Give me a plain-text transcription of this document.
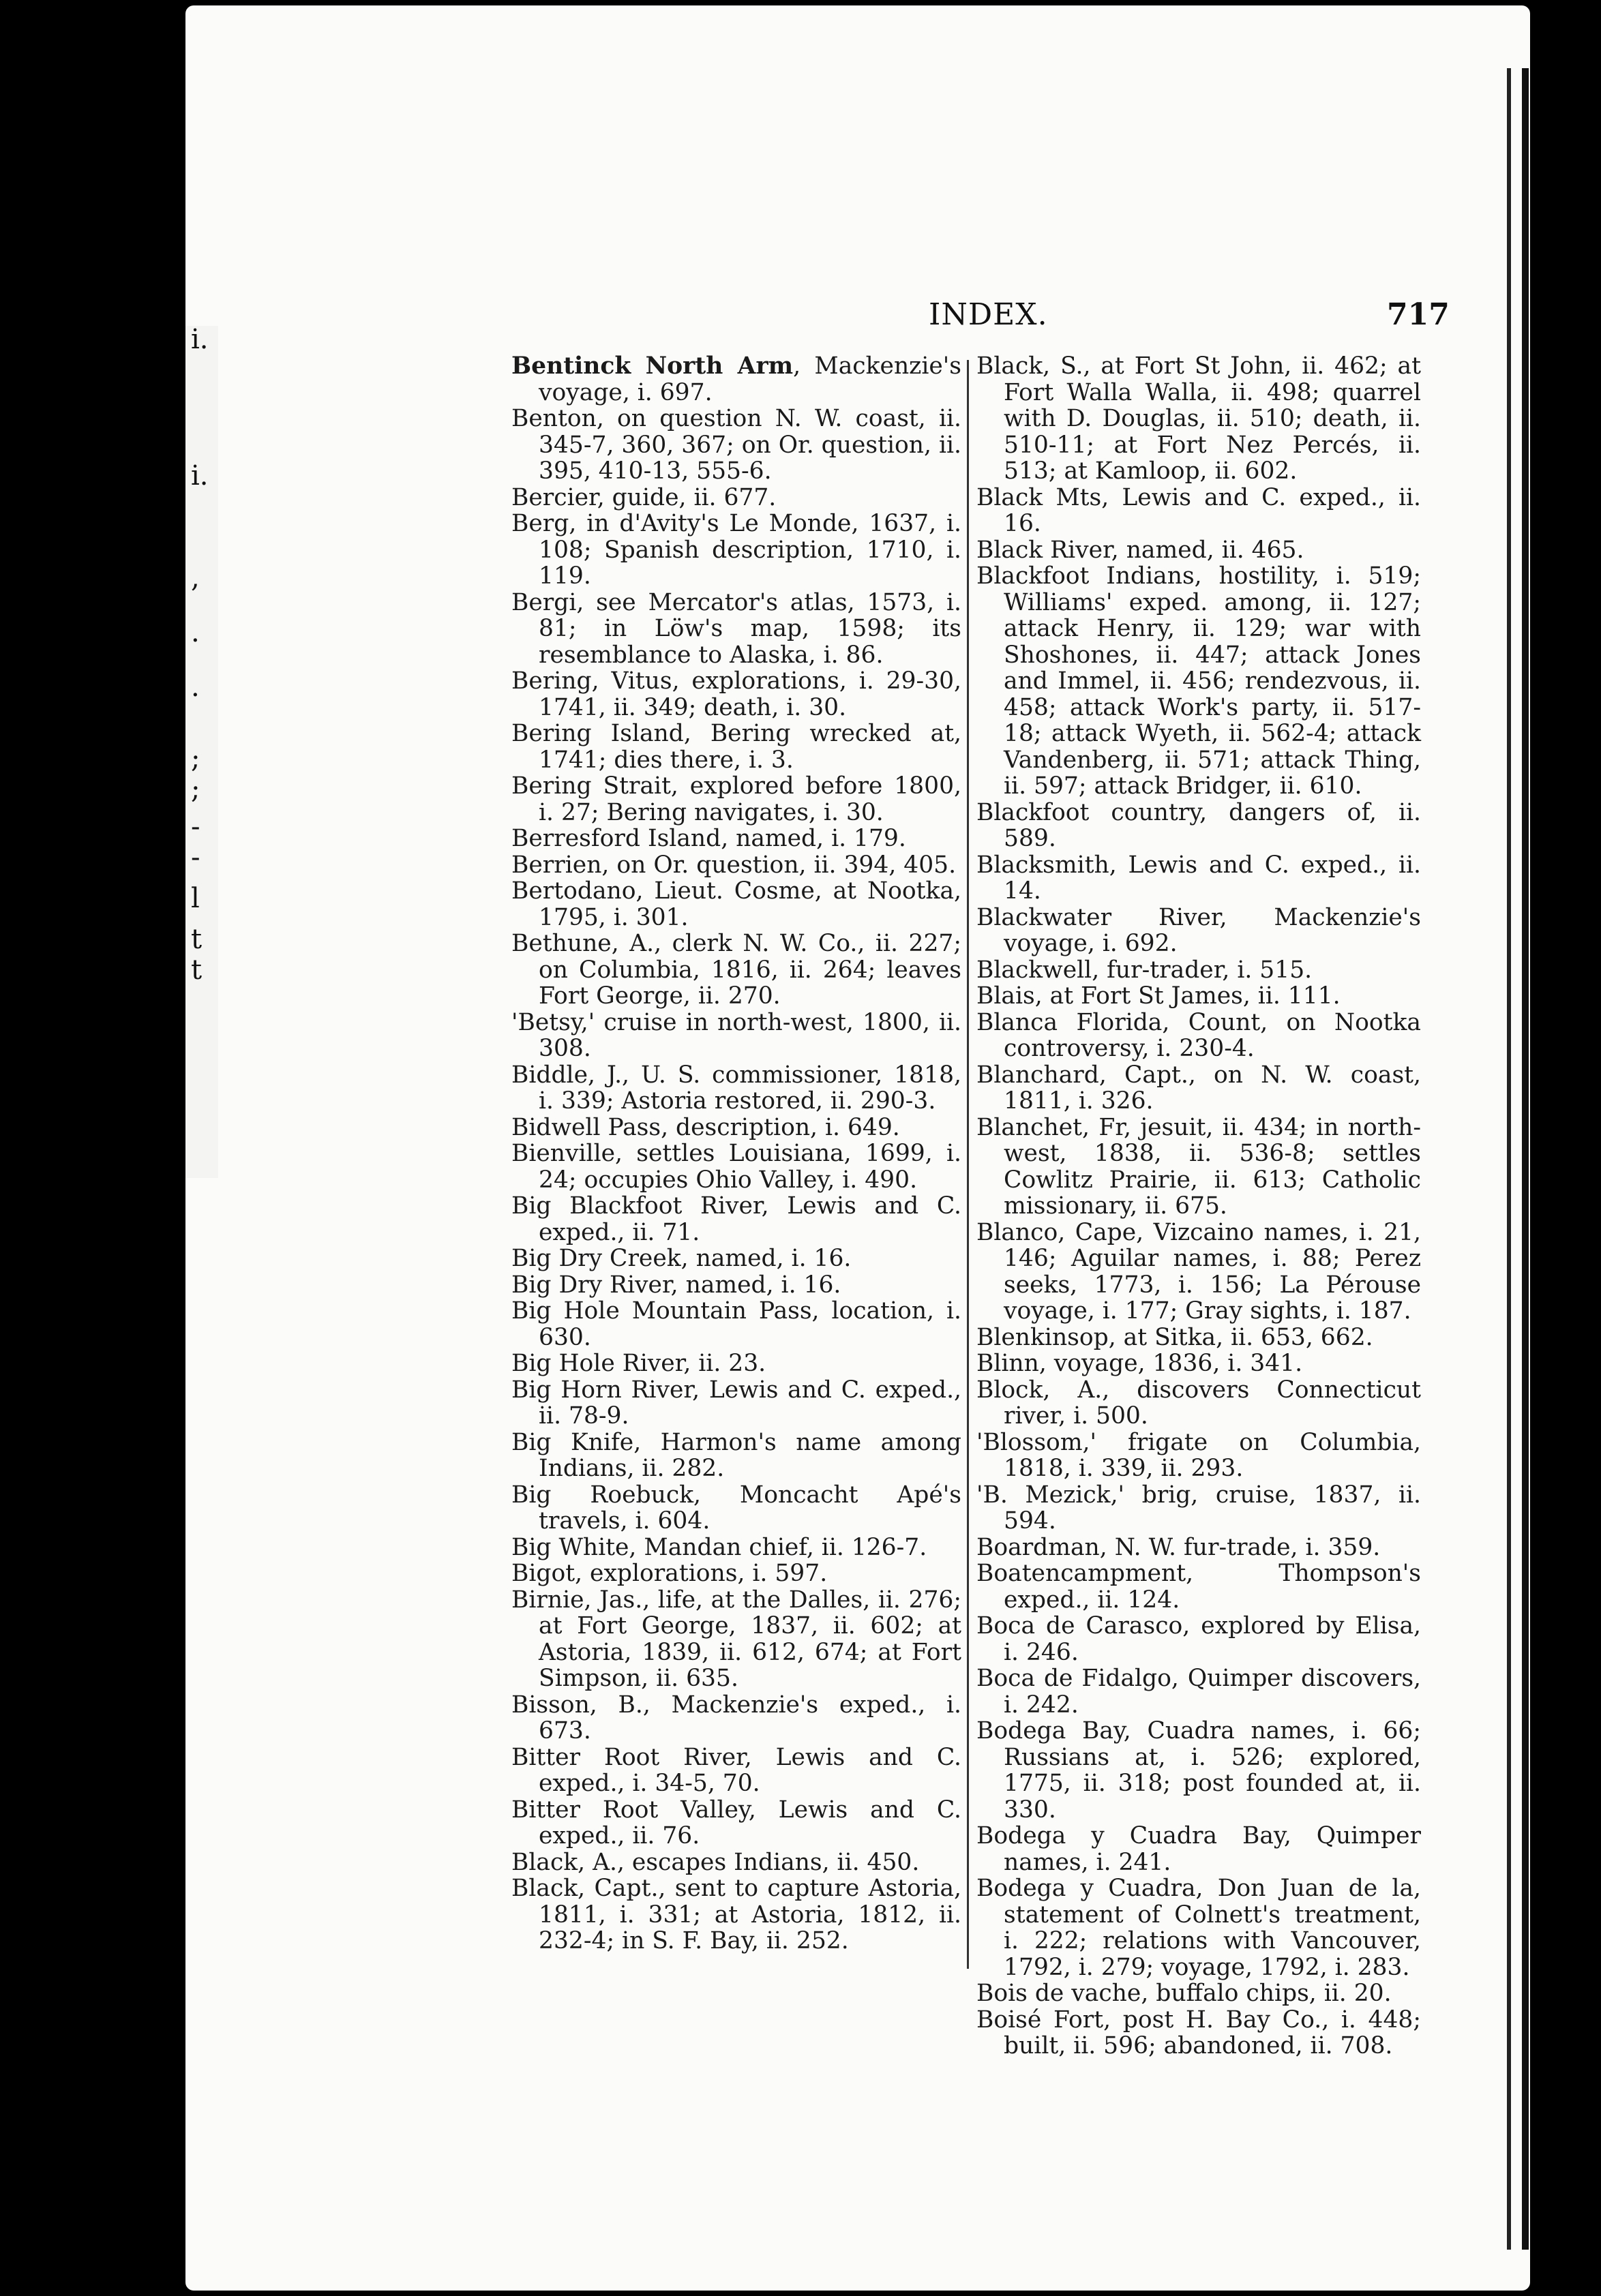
i.
i.
,
.
.
;
;
-
-
l
t
t
INDEX.	717

Bentinck North Arm, Mackenzie's voyage, i. 697.

Benton, on question N. W. coast, ii. 345-7, 360, 367; on Or. question, ii. 395, 410-13, 555-6.

Bercier, guide, ii. 677.

Berg, in d'Avity's Le Monde, 1637, i. 108; Spanish description, 1710, i. 119.

Bergi, see Mercator's atlas, 1573, i. 81; in Löw's map, 1598; its resemblance to Alaska, i. 86.

Bering, Vitus, explorations, i. 29-30, 1741, ii. 349; death, i. 30.

Bering Island, Bering wrecked at, 1741; dies there, i. 3.

Bering Strait, explored before 1800, i. 27; Bering navigates, i. 30.

Berresford Island, named, i. 179.

Berrien, on Or. question, ii. 394, 405.

Bertodano, Lieut. Cosme, at Nootka, 1795, i. 301.

Bethune, A., clerk N. W. Co., ii. 227; on Columbia, 1816, ii. 264; leaves Fort George, ii. 270.

'Betsy,' cruise in north-west, 1800, ii. 308.

Biddle, J., U. S. commissioner, 1818, i. 339; Astoria restored, ii. 290-3.

Bidwell Pass, description, i. 649.

Bienville, settles Louisiana, 1699, i. 24; occupies Ohio Valley, i. 490.

Big Blackfoot River, Lewis and C. exped., ii. 71.

Big Dry Creek, named, i. 16.

Big Dry River, named, i. 16.

Big Hole Mountain Pass, location, i. 630.

Big Hole River, ii. 23.

Big Horn River, Lewis and C. exped., ii. 78-9.

Big Knife, Harmon's name among Indians, ii. 282.

Big Roebuck, Moncacht Apé's travels, i. 604.

Big White, Mandan chief, ii. 126-7.

Bigot, explorations, i. 597.

Birnie, Jas., life, at the Dalles, ii. 276; at Fort George, 1837, ii. 602; at Astoria, 1839, ii. 612, 674; at Fort Simpson, ii. 635.

Bisson, B., Mackenzie's exped., i. 673.

Bitter Root River, Lewis and C. exped., i. 34-5, 70.

Bitter Root Valley, Lewis and C. exped., ii. 76.

Black, A., escapes Indians, ii. 450.

Black, Capt., sent to capture Astoria, 1811, i. 331; at Astoria, 1812, ii. 232-4; in S. F. Bay, ii. 252.

Black, S., at Fort St John, ii. 462; at Fort Walla Walla, ii. 498; quarrel with D. Douglas, ii. 510; death, ii. 510-11; at Fort Nez Percés, ii. 513; at Kamloop, ii. 602.

Black Mts, Lewis and C. exped., ii. 16.

Black River, named, ii. 465.

Blackfoot Indians, hostility, i. 519; Williams' exped. among, ii. 127; attack Henry, ii. 129; war with Shoshones, ii. 447; attack Jones and Immel, ii. 456; rendezvous, ii. 458; attack Work's party, ii. 517-18; attack Wyeth, ii. 562-4; attack Vandenberg, ii. 571; attack Thing, ii. 597; attack Bridger, ii. 610.

Blackfoot country, dangers of, ii. 589.

Blacksmith, Lewis and C. exped., ii. 14.

Blackwater River, Mackenzie's voyage, i. 692.

Blackwell, fur-trader, i. 515.

Blais, at Fort St James, ii. 111.

Blanca Florida, Count, on Nootka controversy, i. 230-4.

Blanchard, Capt., on N. W. coast, 1811, i. 326.

Blanchet, Fr, jesuit, ii. 434; in north-west, 1838, ii. 536-8; settles Cowlitz Prairie, ii. 613; Catholic missionary, ii. 675.

Blanco, Cape, Vizcaino names, i. 21, 146; Aguilar names, i. 88; Perez seeks, 1773, i. 156; La Pérouse voyage, i. 177; Gray sights, i. 187.

Blenkinsop, at Sitka, ii. 653, 662.

Blinn, voyage, 1836, i. 341.

Block, A., discovers Connecticut river, i. 500.

'Blossom,' frigate on Columbia, 1818, i. 339, ii. 293.

'B. Mezick,' brig, cruise, 1837, ii. 594.

Boardman, N. W. fur-trade, i. 359.

Boatencampment, Thompson's exped., ii. 124.

Boca de Carasco, explored by Elisa, i. 246.

Boca de Fidalgo, Quimper discovers, i. 242.

Bodega Bay, Cuadra names, i. 66; Russians at, i. 526; explored, 1775, ii. 318; post founded at, ii. 330.

Bodega y Cuadra Bay, Quimper names, i. 241.

Bodega y Cuadra, Don Juan de la, statement of Colnett's treatment, i. 222; relations with Vancouver, 1792, i. 279; voyage, 1792, i. 283.

Bois de vache, buffalo chips, ii. 20.

Boisé Fort, post H. Bay Co., i. 448; built, ii. 596; abandoned, ii. 708.
